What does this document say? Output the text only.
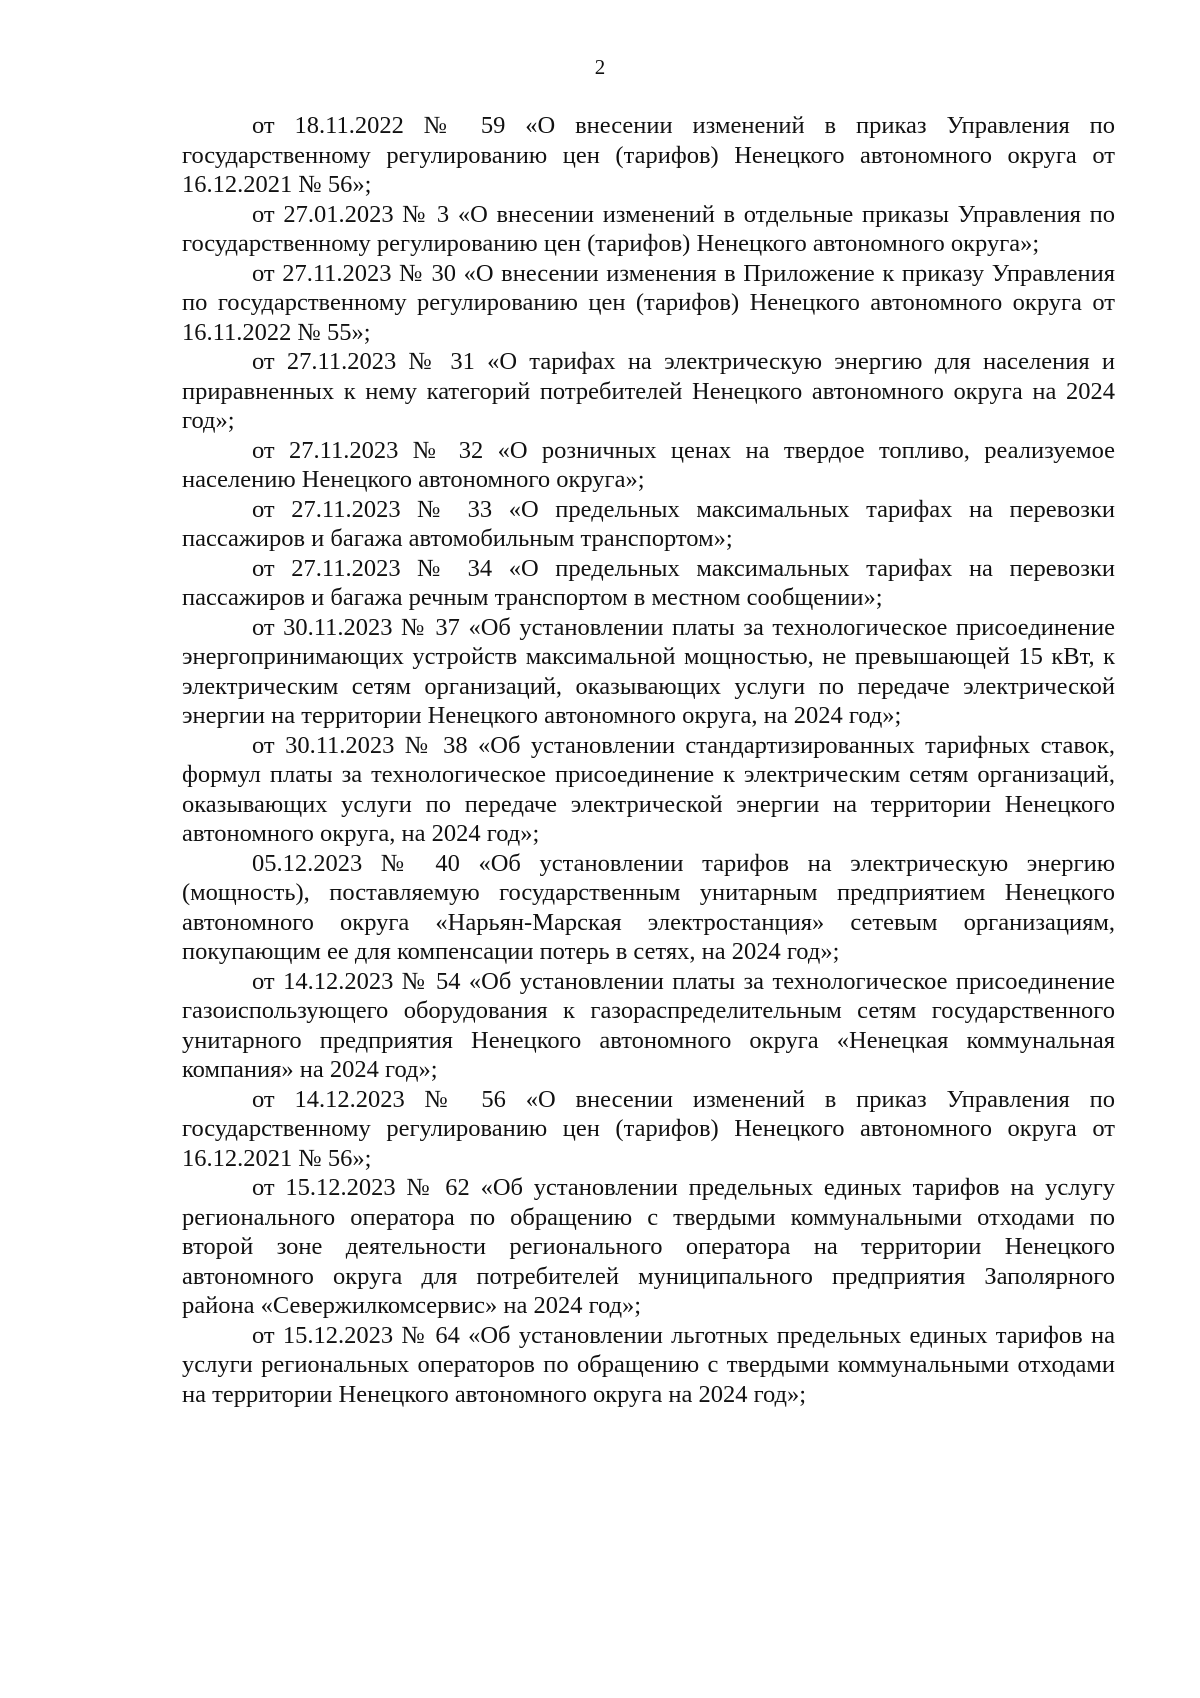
2

от 18.11.2022 № 59 «О внесении изменений в приказ Управления по государственному регулированию цен (тарифов) Ненецкого автономного округа от 16.12.2021 № 56»;

от 27.01.2023 № 3 «О внесении изменений в отдельные приказы Управления по государственному регулированию цен (тарифов) Ненецкого автономного округа»;

от 27.11.2023 № 30 «О внесении изменения в Приложение к приказу Управления по государственному регулированию цен (тарифов) Ненецкого автономного округа от 16.11.2022 № 55»;

от 27.11.2023 № 31 «О тарифах на электрическую энергию для населения и приравненных к нему категорий потребителей Ненецкого автономного округа на 2024 год»;

от 27.11.2023 № 32 «О розничных ценах на твердое топливо, реализуемое населению Ненецкого автономного округа»;

от 27.11.2023 № 33 «О предельных максимальных тарифах на перевозки пассажиров и багажа автомобильным транспортом»;

от 27.11.2023 № 34 «О предельных максимальных тарифах на перевозки пассажиров и багажа речным транспортом в местном сообщении»;

от 30.11.2023 № 37 «Об установлении платы за технологическое присоединение энергопринимающих устройств максимальной мощностью, не превышающей 15 кВт, к электрическим сетям организаций, оказывающих услуги по передаче электрической энергии на территории Ненецкого автономного округа, на 2024 год»;

от 30.11.2023 № 38 «Об установлении стандартизированных тарифных ставок, формул платы за технологическое присоединение к электрическим сетям организаций, оказывающих услуги по передаче электрической энергии на территории Ненецкого автономного округа, на 2024 год»;

05.12.2023 № 40 «Об установлении тарифов на электрическую энергию (мощность), поставляемую государственным унитарным предприятием Ненецкого автономного округа «Нарьян-Марская электростанция» сетевым организациям, покупающим ее для компенсации потерь в сетях, на 2024 год»;

от 14.12.2023 № 54 «Об установлении платы за технологическое присоединение газоиспользующего оборудования к газораспределительным сетям государственного унитарного предприятия Ненецкого автономного округа «Ненецкая коммунальная компания» на 2024 год»;

от 14.12.2023 № 56 «О внесении изменений в приказ Управления по государственному регулированию цен (тарифов) Ненецкого автономного округа от 16.12.2021 № 56»;

от 15.12.2023 № 62 «Об установлении предельных единых тарифов на услугу регионального оператора по обращению с твердыми коммунальными отходами по второй зоне деятельности регионального оператора на территории Ненецкого автономного округа для потребителей муниципального предприятия Заполярного района «Севержилкомсервис» на 2024 год»;

от 15.12.2023 № 64 «Об установлении льготных предельных единых тарифов на услуги региональных операторов по обращению с твердыми коммунальными отходами на территории Ненецкого автономного округа на 2024 год»;
